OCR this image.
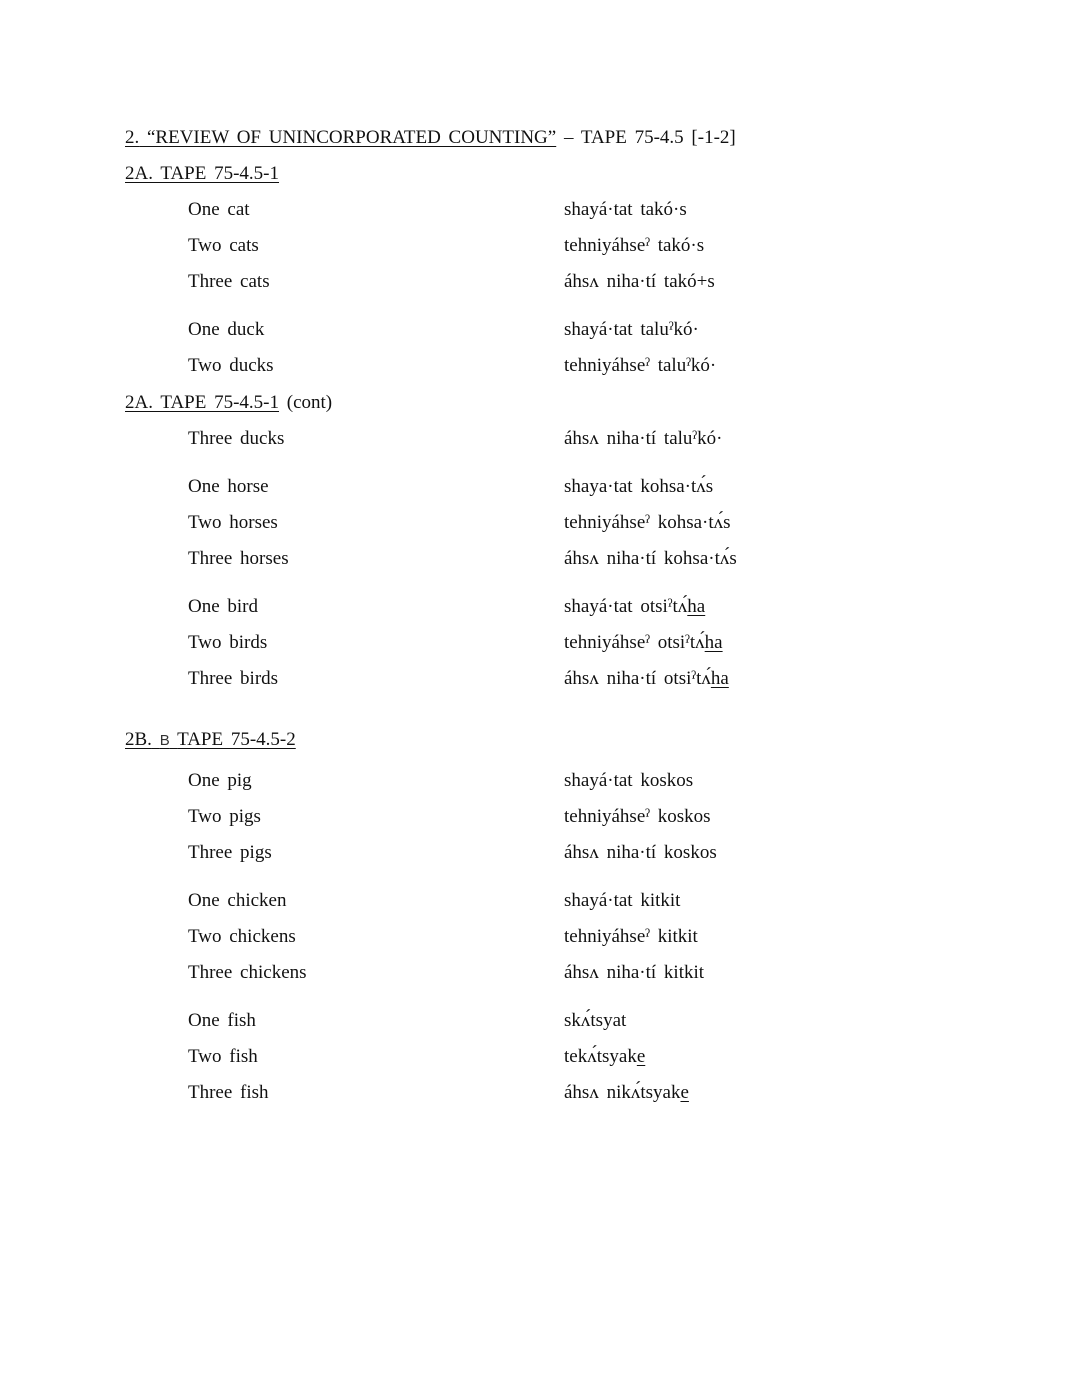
2. “REVIEW OF UNINCORPORATED COUNTING” – TAPE 75-4.5 [-1-2]
2A. TAPE 75-4.5-1
One cat	shayá·tat takó·s
Two cats	tehniyáhseˀ takó·s
Three cats	áhsʌ niha·tí takó+s
One duck	shayá·tat taluˀkó·
Two ducks	tehniyáhseˀ taluˀkó·
2A. TAPE 75-4.5-1 (cont)
Three ducks	áhsʌ niha·tí taluˀkó·
One horse	shaya·tat kohsa·tʌ́s
Two horses	tehniyáhseˀ kohsa·tʌ́s
Three horses	áhsʌ niha·tí kohsa·tʌ́s
One bird	shayá·tat otsiˀtʌ́ha
Two birds	tehniyáhseˀ otsiˀtʌ́ha
Three birds	áhsʌ niha·tí otsiˀtʌ́ha
2B. B TAPE 75-4.5-2
One pig	shayá·tat koskos
Two pigs	tehniyáhseˀ koskos
Three pigs	áhsʌ niha·tí koskos
One chicken	shayá·tat kitkit
Two chickens	tehniyáhseˀ kitkit
Three chickens	áhsʌ niha·tí kitkit
One fish	skʌ́tsyat
Two fish	tekʌ́tsyake
Three fish	áhsʌ nikʌ́tsyake
